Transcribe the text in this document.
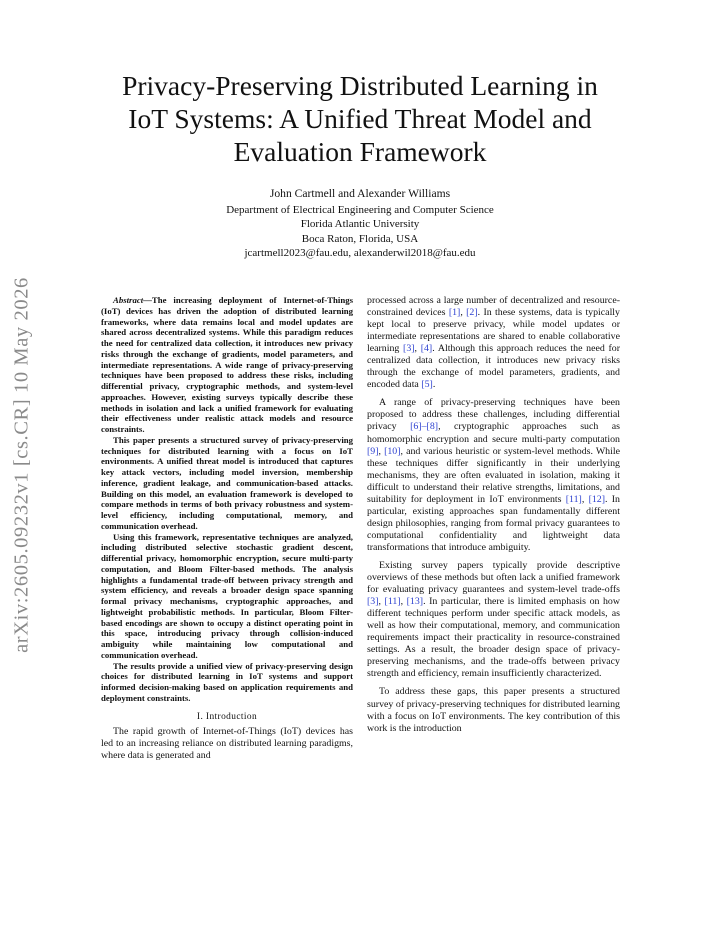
arXiv:2605.09232v1 [cs.CR] 10 May 2026
Privacy-Preserving Distributed Learning in
IoT Systems: A Unified Threat Model and
Evaluation Framework
John Cartmell and Alexander Williams
Department of Electrical Engineering and Computer Science
Florida Atlantic University
Boca Raton, Florida, USA
jcartmell2023@fau.edu, alexanderwil2018@fau.edu

Abstract—The increasing deployment of Internet-of-Things (IoT) devices has driven the adoption of distributed learning frameworks, where data remains local and model updates are shared across decentralized systems. While this paradigm reduces the need for centralized data collection, it introduces new privacy risks through the exchange of gradients, model parameters, and intermediate representations. A wide range of privacy-preserving techniques have been proposed to address these risks, including differential privacy, cryptographic methods, and system-level approaches. However, existing surveys typically describe these methods in isolation and lack a unified framework for evaluating their effectiveness under realistic attack models and resource constraints.

This paper presents a structured survey of privacy-preserving techniques for distributed learning with a focus on IoT environments. A unified threat model is introduced that captures key attack vectors, including model inversion, membership inference, gradient leakage, and communication-based attacks. Building on this model, an evaluation framework is developed to compare methods in terms of both privacy robustness and system-level efficiency, including computational, memory, and communication overhead.

Using this framework, representative techniques are analyzed, including distributed selective stochastic gradient descent, differential privacy, homomorphic encryption, secure multi-party computation, and Bloom Filter-based methods. The analysis highlights a fundamental trade-off between privacy strength and system efficiency, and reveals a broader design space spanning formal privacy mechanisms, cryptographic approaches, and lightweight probabilistic methods. In particular, Bloom Filter-based encodings are shown to occupy a distinct operating point in this space, introducing privacy through collision-induced ambiguity while maintaining low computational and communication overhead.

The results provide a unified view of privacy-preserving design choices for distributed learning in IoT systems and support informed decision-making based on application requirements and deployment constraints.

I. Introduction

The rapid growth of Internet-of-Things (IoT) devices has led to an increasing reliance on distributed learning paradigms, where data is generated and

processed across a large number of decentralized and resource-constrained devices [1], [2]. In these systems, data is typically kept local to preserve privacy, while model updates or intermediate representations are shared to enable collaborative learning [3], [4]. Although this approach reduces the need for centralized data collection, it introduces new privacy risks through the exchange of model parameters, gradients, and encoded data [5].

A range of privacy-preserving techniques have been proposed to address these challenges, including differential privacy [6]–[8], cryptographic approaches such as homomorphic encryption and secure multi-party computation [9], [10], and various heuristic or system-level methods. While these techniques differ significantly in their underlying mechanisms, they are often evaluated in isolation, making it difficult to understand their relative strengths, limitations, and suitability for deployment in IoT environments [11], [12]. In particular, existing approaches span fundamentally different design philosophies, ranging from formal privacy guarantees to computational confidentiality and lightweight data transformations that introduce ambiguity.

Existing survey papers typically provide descriptive overviews of these methods but often lack a unified framework for evaluating privacy guarantees and system-level trade-offs [3], [11], [13]. In particular, there is limited emphasis on how different techniques perform under specific attack models, as well as how their computational, memory, and communication requirements impact their practicality in resource-constrained settings. As a result, the broader design space of privacy-preserving mechanisms, and the trade-offs between privacy strength and efficiency, remain insufficiently characterized.

To address these gaps, this paper presents a structured survey of privacy-preserving techniques for distributed learning with a focus on IoT environments. The key contribution of this work is the introduction
